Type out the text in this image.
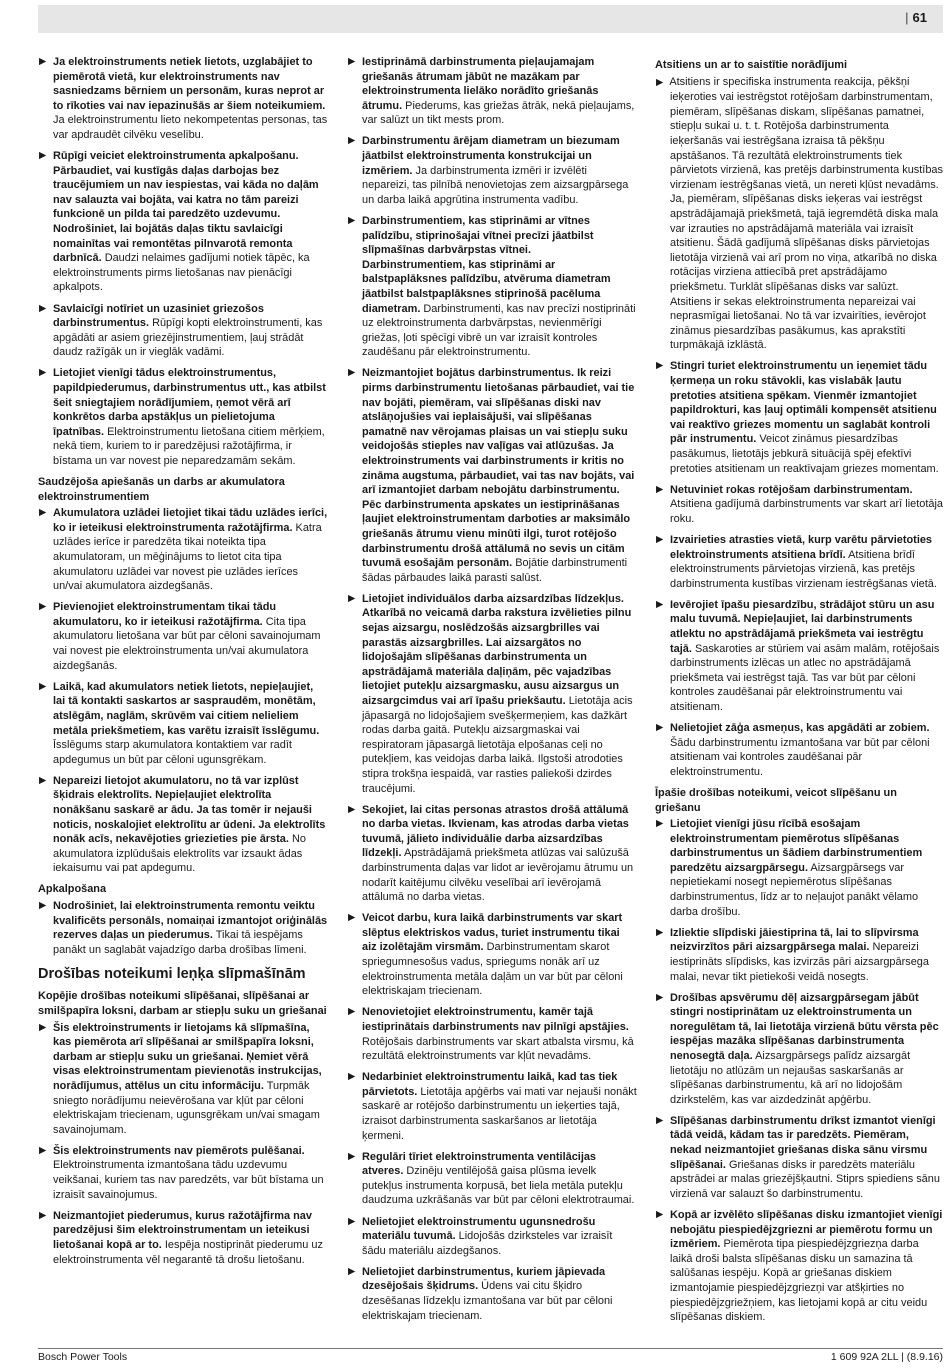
| 61
▶ Ja elektroinstruments netiek lietots, uzglabājiet to piemērotā vietā, kur elektroinstruments nav sasniedzams bērniem un personām, kuras neprot ar to rīkoties vai nav iepazinušās ar šiem noteikumiem. Ja elektroinstrumentu lieto nekompetentas personas, tas var apdraudēt cilvēku veselību.
▶ Rūpīgi veiciet elektroinstrumenta apkalpošanu. Pārbaudiet, vai kustīgās daļas darbojas bez traucējumiem un nav iespiestas, vai kāda no daļām nav salauzta vai bojāta, vai katra no tām pareizi funkcionē un pilda tai paredzēto uzdevumu. Nodrošiniet, lai bojātās daļas tiktu savlaicīgi nomainītas vai remontētas pilnvarotā remonta darbnīcā. Daudzi nelaimes gadījumi notiek tāpēc, ka elektroinstruments pirms lietošanas nav pienācīgi apkalpots.
▶ Savlaicīgi notīriet un uzasiniet griezošos darbinstrumentus. Rūpīgi kopti elektroinstrumenti, kas apgādāti ar asiem griezējinstrumentiem, ļauj strādāt daudz ražīgāk un ir vieglāk vadāmi.
▶ Lietojiet vienīgi tādus elektroinstrumentus, papildpiederumus, darbinstrumentus utt., kas atbilst šeit sniegtajiem norādījumiem, ņemot vērā arī konkrētos darba apstākļus un pielietojuma īpatnības. Elektroinstrumentu lietošana citiem mērķiem, nekā tiem, kuriem to ir paredzējusi ražotājfirma, ir bīstama un var novest pie neparedzamām sekām.
Saudzējoša apiešanās un darbs ar akumulatora elektroinstrumentiem
▶ Akumulatora uzlādei lietojiet tikai tādu uzlādes ierīci, ko ir ieteikusi elektroinstrumenta ražotājfirma. Katra uzlādes ierīce ir paredzēta tikai noteikta tipa akumulatoram, un mēģinājums to lietot cita tipa akumulatoru uzlādei var novest pie uzlādes ierīces un/vai akumulatora aizdegšanās.
▶ Pievienojiet elektroinstrumentam tikai tādu akumulatoru, ko ir ieteikusi ražotājfirma. Cita tipa akumulatoru lietošana var būt par cēloni savainojumam vai novest pie elektroinstrumenta un/vai akumulatora aizdegšanās.
▶ Laikā, kad akumulators netiek lietots, nepieļaujiet, lai tā kontakti saskartos ar saspraudēm, monētām, atslēgām, naglām, skrūvēm vai citiem nelieliem metāla priekšmetiem, kas varētu izraisīt īsslēgumu. Īsslēgums starp akumulatora kontaktiem var radīt apdegumus un būt par cēloni ugunsgrēkam.
▶ Nepareizi lietojot akumulatoru, no tā var izplūst šķidrais elektrolīts. Nepieļaujiet elektrolīta nonākšanu saskarē ar ādu. Ja tas tomēr ir nejauši noticis, noskalojiet elektrolītu ar ūdeni. Ja elektrolīts nonāk acīs, nekavējoties griezieties pie ārsta. No akumulatora izplūdušais elektrolīts var izsaukt ādas iekaisumu vai pat apdegumu.
Apkalpošana
▶ Nodrošiniet, lai elektroinstrumenta remontu veiktu kvalificēts personāls, nomaiņai izmantojot oriģinālās rezerves daļas un piederumus. Tikai tā iespējams panākt un saglabāt vajadzīgo darba drošības līmeni.
Drošības noteikumi leņķa slīpmašīnām
Kopējie drošības noteikumi slīpēšanai, slīpēšanai ar smilšpapīra loksni, darbam ar stiepļu suku un griešanai
▶ Šis elektroinstruments ir lietojams kā slīpmašīna, kas piemērota arī slīpēšanai ar smilšpapīra loksni, darbam ar stiepļu suku un griešanai. Ņemiet vērā visas elektroinstrumentam pievienotās instrukcijas, norādījumus, attēlus un citu informāciju. Turpmāk sniegto norādījumu neievērošana var kļūt par cēloni elektriskajam triecienam, ugunsgrēkam un/vai smagam savainojumam.
▶ Šis elektroinstruments nav piemērots pulēšanai. Elektroinstrumenta izmantošana tādu uzdevumu veikšanai, kuriem tas nav paredzēts, var būt bīstama un izraisīt savainojumus.
▶ Neizmantojiet piederumus, kurus ražotājfirma nav paredzējusi šim elektroinstrumentam un ieteikusi lietošanai kopā ar to. Iespēja nostiprināt piederumu uz elektroinstrumenta vēl negarantē tā drošu lietošanu.
▶ Iestiprināmā darbinstrumenta pieļaujamajam griešanās ātrumam jābūt ne mazākam par elektroinstrumenta lielāko norādīto griešanās ātrumu. Piederums, kas griežas ātrāk, nekā pieļaujams, var salūzt un tikt mests prom.
▶ Darbinstrumentu ārējam diametram un biezumam jāatbilst elektroinstrumenta konstrukcijai un izmēriem. Ja darbinstrumenta izmēri ir izvēlēti nepareizi, tas pilnībā nenovietojas zem aizsargpārsega un darba laikā apgrūtina instrumenta vadību.
▶ Darbinstrumentiem, kas stiprināmi ar vītnes palīdzību, stiprinošajai vītnei precīzi jāatbilst slīpmašīnas darbvārpstas vītnei. Darbinstrumentiem, kas stiprināmi ar balstpaplāksnes palīdzību, atvēruma diametram jāatbilst balstpaplāksnes stiprinošā pacēluma diametram. Darbinstrumenti, kas nav precīzi nostiprināti uz elektroinstrumenta darbvārpstas, nevienmērīgi griežas, ļoti spēcīgi vibrē un var izraisīt kontroles zaudēšanu pār elektroinstrumentu.
▶ Neizmantojiet bojātus darbinstrumentus. Ik reizi pirms darbinstrumentu lietošanas pārbaudiet, vai tie nav bojāti, piemēram, vai slīpēšanas diski nav atslāņojušies vai ieplaisājuši, vai slīpēšanas pamatnē nav vērojamas plaisas un vai stiepļu suku veidojošās stieples nav vaļīgas vai atlūzušas. Ja elektroinstruments vai darbinstruments ir kritis no zināma augstuma, pārbaudiet, vai tas nav bojāts, vai arī izmantojiet darbam nebojātu darbinstrumentu. Pēc darbinstrumenta apskates un iestiprināšanas ļaujiet elektroinstrumentam darboties ar maksimālo griešanās ātrumu vienu minūti ilgi, turot rotējošo darbinstrumentu drošā attālumā no sevis un citām tuvumā esošajām personām. Bojātie darbinstrumenti šādas pārbaudes laikā parasti salūst.
▶ Lietojiet individuālos darba aizsardzības līdzekļus. Atkarībā no veicamā darba rakstura izvēlieties pilnu sejas aizsargu, noslēdzošās aizsargbrilles vai parastās aizsargbrilles. Lai aizsargātos no lidojošajām slīpēšanas darbinstrumenta un apstrādājamā materiāla daļiņām, pēc vajadzības lietojiet putekļu aizsargmasku, ausu aizsargus un aizsargcimdus vai arī īpašu priekšautu. Lietotāja acis jāpasargā no lidojošajiem svešķermeņiem, kas dažkārt rodas darba gaitā. Putekļu aizsargmaskai vai respiratoram jāpasargā lietotāja elpošanas ceļi no putekļiem, kas veidojas darba laikā. Ilgstoši atrodoties stipra trokšņa iespaidā, var rasties paliekoši dzirdes traucējumi.
▶ Sekojiet, lai citas personas atrastos drošā attālumā no darba vietas. Ikvienam, kas atrodas darba vietas tuvumā, jālieto individuālie darba aizsardzības līdzekļi. Apstrādājamā priekšmeta atlūzas vai salūzušā darbinstrumenta daļas var lidot ar ievērojamu ātrumu un nodarīt kaitējumu cilvēku veselībai arī ievērojamā attālumā no darba vietas.
▶ Veicot darbu, kura laikā darbinstruments var skart slēptus elektriskos vadus, turiet instrumentu tikai aiz izolētajām virsmām. Darbinstrumentam skarot spriegumnesošus vadus, spriegums nonāk arī uz elektroinstrumenta metāla daļām un var būt par cēloni elektriskajam triecienam.
▶ Nenovietojiet elektroinstrumentu, kamēr tajā iestiprinātais darbinstruments nav pilnīgi apstājies. Rotējošais darbinstruments var skart atbalsta virsmu, kā rezultātā elektroinstruments var kļūt nevadāms.
▶ Nedarbiniet elektroinstrumentu laikā, kad tas tiek pārvietots. Lietotāja apģērbs vai mati var nejauši nonākt saskarē ar rotējošo darbinstrumentu un ieķerties tajā, izraisot darbinstrumenta saskaršanos ar lietotāja ķermeni.
▶ Regulāri tīriet elektroinstrumenta ventilācijas atveres. Dzinēju ventilējošā gaisa plūsma ievelk putekļus instrumenta korpusā, bet liela metāla putekļu daudzuma uzkrāšanās var būt par cēloni elektrotraumai.
▶ Nelietojiet elektroinstrumentu ugunsnedrošu materiālu tuvumā. Lidojošās dzirksteles var izraisīt šādu materiālu aizdegšanos.
▶ Nelietojiet darbinstrumentus, kuriem jāpievada dzesējošais šķidrums. Ūdens vai citu šķidro dzesēšanas līdzekļu izmantošana var būt par cēloni elektriskajam triecienam.
Atsitiens un ar to saistītie norādījumi
▶ Atsitiens ir specifiska instrumenta reakcija, pēkšņi ieķeroties vai iestrēgstot rotējošam darbinstrumentam, piemēram, slīpēšanas diskam, slīpēšanas pamatnei, stiepļu sukai u. t. t. Rotējoša darbinstrumenta ieķeršanās vai iestrēgšana izraisa tā pēkšņu apstāšanos. Tā rezultātā elektroinstruments tiek pārvietots virzienā, kas pretējs darbinstrumenta kustības virzienam iestrēgšanas vietā, un nereti kļūst nevadāms.
Ja, piemēram, slīpēšanas disks ieķeras vai iestrēgst apstrādājamajā priekšmetā, tajā iegremdētā diska mala var izrauties no apstrādājamā materiāla vai izraisīt atsitienu. Šādā gadījumā slīpēšanas disks pārvietojas lietotāja virzienā vai arī prom no viņa, atkarībā no diska rotācijas virziena attiecībā pret apstrādājamo priekšmetu. Turklāt slīpēšanas disks var salūzt.
Atsitiens ir sekas elektroinstrumenta nepareizai vai neprasmīgai lietošanai. No tā var izvairīties, ievērojot zināmus piesardzības pasākumus, kas aprakstīti turpmākajā izklāstā.
▶ Stingri turiet elektroinstrumentu un ieņemiet tādu ķermeņa un roku stāvokli, kas vislabāk ļautu pretoties atsitiena spēkam. Vienmēr izmantojiet papildrokturi, kas ļauj optimāli kompensēt atsitienu vai reaktīvo griezes momentu un saglabāt kontroli pār instrumentu. Veicot zināmus piesardzības pasākumus, lietotājs jebkurā situācijā spēj efektīvi pretoties atsitienam un reaktīvajam griezes momentam.
▶ Netuviniet rokas rotējošam darbinstrumentam. Atsitiena gadījumā darbinstruments var skart arī lietotāja roku.
▶ Izvairieties atrasties vietā, kurp varētu pārvietoties elektroinstruments atsitiena brīdī. Atsitiena brīdī elektroinstruments pārvietojas virzienā, kas pretējs darbinstrumenta kustības virzienam iestrēgšanas vietā.
▶ Ievērojiet īpašu piesardzību, strādājot stūru un asu malu tuvumā. Nepieļaujiet, lai darbinstruments atlektu no apstrādājamā priekšmeta vai iestrēgtu tajā. Saskaroties ar stūriem vai asām malām, rotējošais darbinstruments izlēcas un atlec no apstrādājamā priekšmeta vai iestrēgst tajā. Tas var būt par cēloni kontroles zaudēšanai pār elektroinstrumentu vai atsitienam.
▶ Nelietojiet zāģa asmeņus, kas apgādāti ar zobiem. Šādu darbinstrumentu izmantošana var būt par cēloni atsitienam vai kontroles zaudēšanai pār elektroinstrumentu.
Īpašie drošības noteikumi, veicot slīpēšanu un griešanu
▶ Lietojiet vienīgi jūsu rīcībā esošajam elektroinstrumentam piemērotus slīpēšanas darbinstrumentus un šādiem darbinstrumentiem paredzētu aizsargpārsegu. Aizsargpārsegs var nepietiekami nosegt nepiemērotus slīpēšanas darbinstrumentus, līdz ar to neļaujot panākt vēlamo darba drošību.
▶ Izliektie slīpdiski jāiestiprina tā, lai to slīpvirsma neizvirzītos pāri aizsargpārsega malai. Nepareizi iestiprināts slīpdisks, kas izvirzās pāri aizsargpārsega malai, nevar tikt pietiekoši veidā nosegts.
▶ Drošības apsvērumu dēļ aizsargpārsegam jābūt stingri nostiprinātam uz elektroinstrumenta un noregulētam tā, lai lietotāja virzienā būtu vērsta pēc iespējas mazāka slīpēšanas darbinstrumenta nenosegtā daļa. Aizsargpārsegs palīdz aizsargāt lietotāju no atlūzām un nejaušas saskaršanās ar slīpēšanas darbinstrumentu, kā arī no lidojošām dzirkstelēm, kas var aizdedzināt apģērbu.
▶ Slīpēšanas darbinstrumentu drīkst izmantot vienīgi tādā veidā, kādam tas ir paredzēts. Piemēram, nekad neizmantojiet griešanas diska sānu virsmu slīpēšanai. Griešanas disks ir paredzēts materiālu apstrādei ar malas griezējšķautni. Stiprs spiediens sānu virzienā var salauzt šo darbinstrumentu.
▶ Kopā ar izvēlēto slīpēšanas disku izmantojiet vienīgi nebojātu piespiedējzgriezni ar piemērotu formu un izmēriem. Piemērota tipa piespiedējzgriezņa darba laikā droši balsta slīpēšanas disku un samazina tā salūšanas iespēju. Kopā ar griešanas diskiem izmantojamie piespiedējzgriezņi var atšķirties no piespiedējzgriežņiem, kas lietojami kopā ar citu veidu slīpēšanas diskiem.
Bosch Power Tools	1 609 92A 2LL | (8.9.16)
